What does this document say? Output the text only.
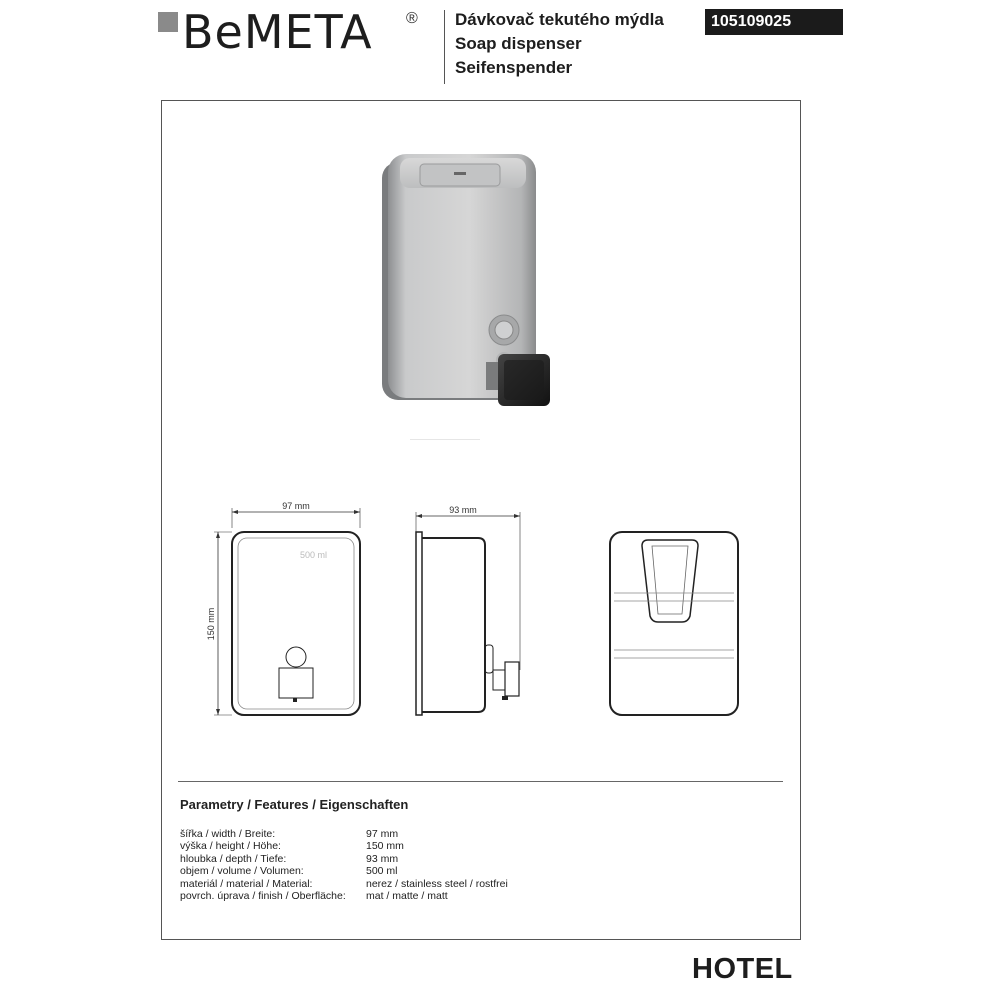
BeMETA ® Dávkovač tekutého mýdla
Soap dispenser
Seifenspender
105109025
97 mm
150 mm
500 ml
93 mm
Parametry / Features / Eigenschaften
šířka / width / Breite:	97 mm
výška / height / Höhe:	150 mm
hloubka / depth / Tiefe:	93 mm
objem / volume / Volumen:	500 ml
materiál / material / Material:	nerez / stainless steel / rostfrei
povrch. úprava / finish / Oberfläche:	mat / matte / matt
HOTEL
